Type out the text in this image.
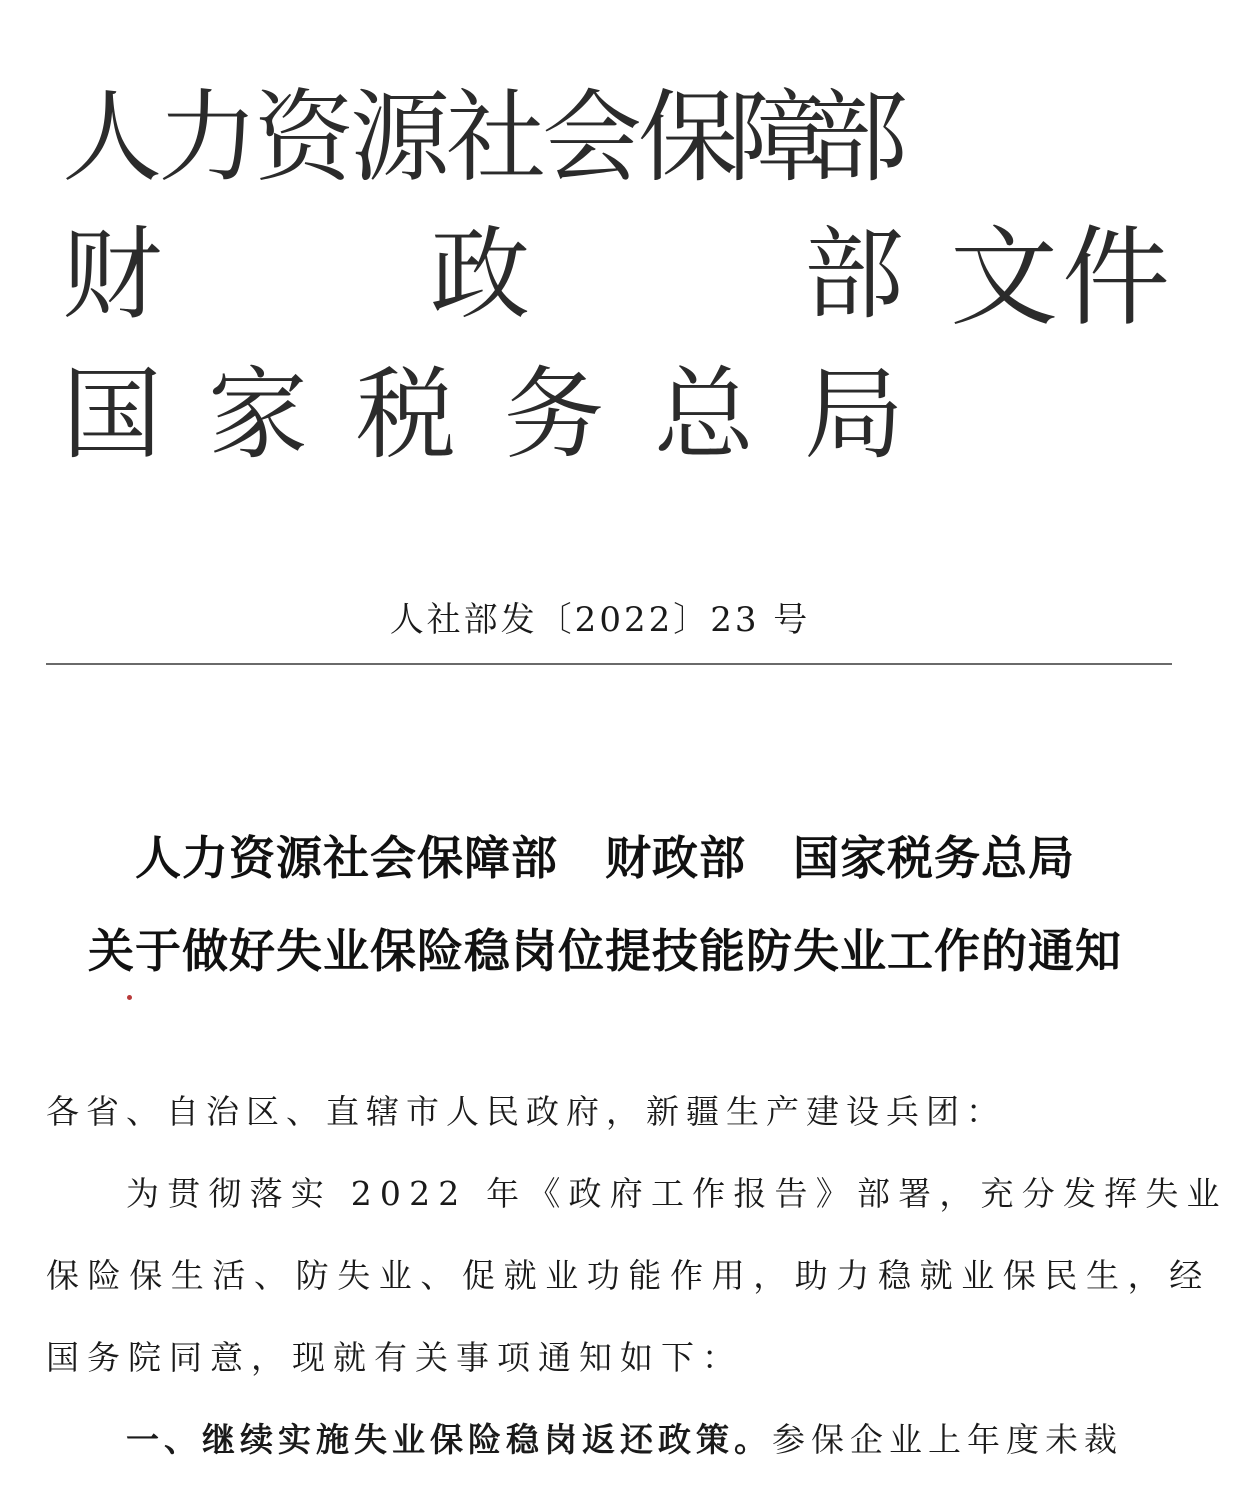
人
力
资
源
社
会
保
障
部
财	政	部
国 家 税 务 总 局
文件
人社部发〔2022〕23 号
人力资源社会保障部 财政部 国家税务总局
关于做好失业保险稳岗位提技能防失业工作的通知
各省、自治区、直辖市人民政府，新疆生产建设兵团：
为贯彻落实 2022 年《政府工作报告》部署，充分发挥失业
保险保生活、防失业、促就业功能作用，助力稳就业保民生，经
国务院同意，现就有关事项通知如下：
一、继续实施失业保险稳岗返还政策。参保企业上年度未裁
